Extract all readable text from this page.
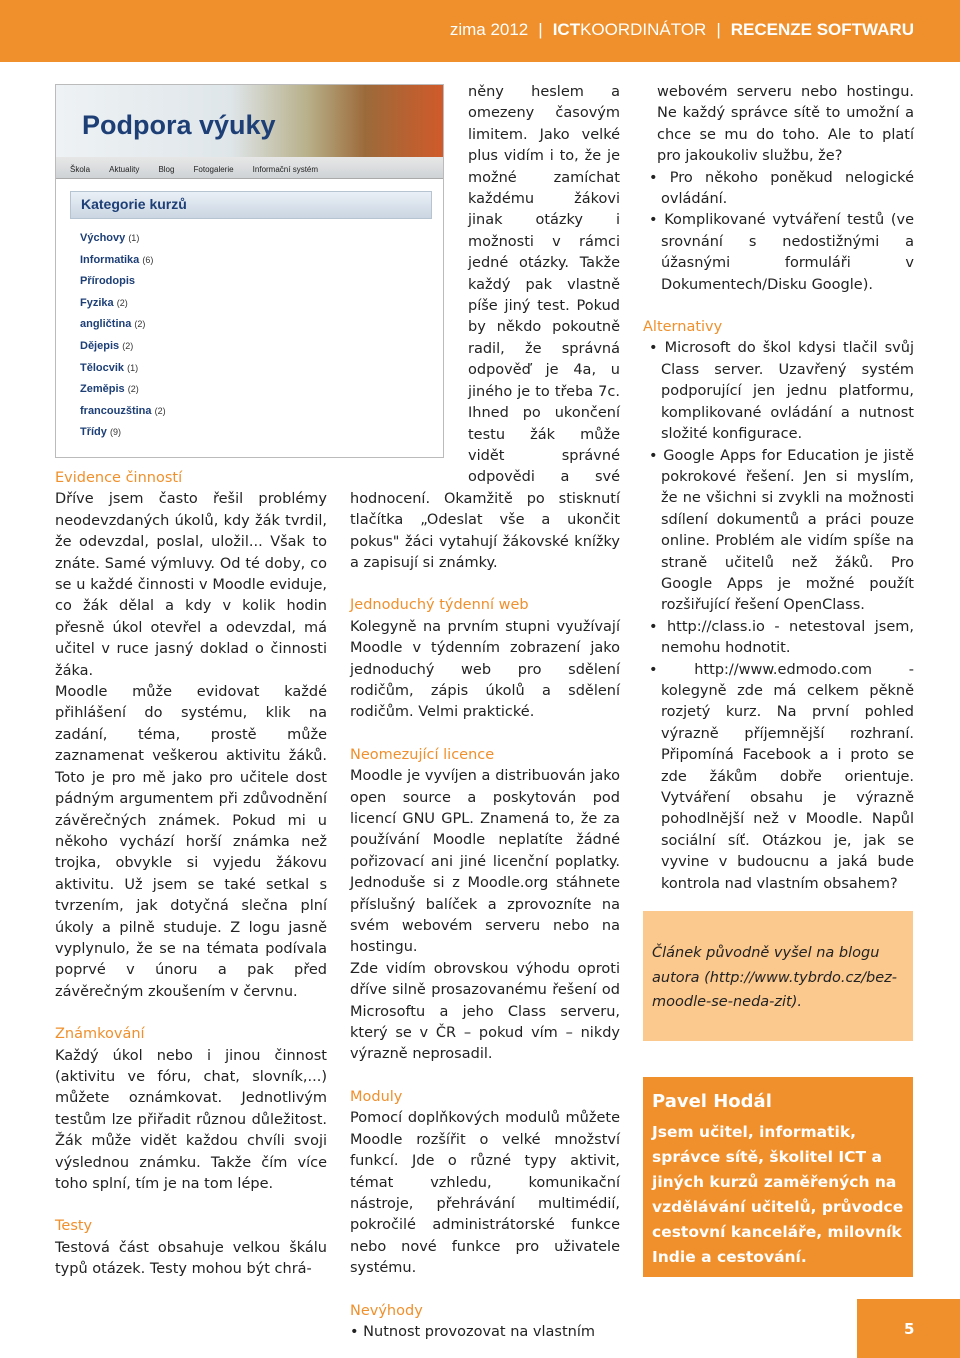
zima 2012 | ICTKOORDINÁTOR | RECENZE SOFTWARU
Podpora výuky
Škola Aktuality Blog Fotogalerie Informační systém
Kategorie kurzů
Výchovy (1)
Informatika (6)
Přírodopis
Fyzika (2)
angličtina (2)
Dějepis (2)
Tělocvik (1)
Zeměpis (2)
francouzština (2)
Třídy (9)
Evidence činností

Dříve jsem často řešil problémy neodevzdaných úkolů, kdy žák tvrdil, že odevzdal, poslal, uložil... Však to znáte. Samé výmluvy. Od té doby, co se u každé činnosti v Moodle eviduje, co žák dělal a kdy v kolik hodin přesně úkol otevřel a odevzdal, má učitel v ruce jasný doklad o činnosti žáka.

Moodle může evidovat každé přihlášení do systému, klik na zadání, téma, prostě může zaznamenat veškerou aktivitu žáků. Toto je pro mě jako pro učitele dost pádným argumentem při zdůvodnění závěrečných známek. Pokud mi u někoho vychází horší známka než trojka, obvykle si vyjedu žákovu aktivitu. Už jsem se také setkal s tvrzením, jak dotyčná slečna plní úkoly a pilně studuje. Z logu jasně vyplynulo, že se na témata podívala poprvé v únoru a pak před závěrečným zkoušením v červnu.

Známkování

Každý úkol nebo i jinou činnost (aktivitu ve fóru, chat, slovník,...) můžete oznámkovat. Jednotlivým testům lze přiřadit různou důležitost. Žák může vidět každou chvíli svoji výslednou známku. Takže čím více toho splní, tím je na tom lépe.

Testy

Testová část obsahuje velkou škálu typů otázek. Testy mohou být chrá-

něny heslem a omezeny časovým limitem. Jako velké plus vidím i to, že je možné zamíchat každému žákovi jinak otázky i možnosti v rámci jedné otázky. Takže každý pak vlastně píše jiný test. Pokud by někdo pokoutně radil, že správná odpověď je 4a, u jiného je to třeba 7c. Ihned po ukončení testu žák může vidět správné odpovědi a své hodnocení. Okamžitě po stisknutí tlačítka „Odeslat vše a ukončit pokus" žáci vytahují žákovské knížky a zapisují si známky.

Jednoduchý týdenní web

Kolegyně na prvním stupni využívají Moodle v týdenním zobrazení jako jednoduchý web pro sdělení rodičům, zápis úkolů a sdělení rodičům. Velmi praktické.

Neomezující licence

Moodle je vyvíjen a distribuován jako open source a poskytován pod licencí GNU GPL. Znamená to, že za používání Moodle neplatíte žádné pořizovací ani jiné licenční poplatky. Jednoduše si z Moodle.org stáhnete příslušný balíček a zprovozníte na svém webovém serveru nebo na hostingu.

Zde vidím obrovskou výhodu oproti dříve silně prosazovanému řešení od Microsoftu a jeho Class serveru, který se v ČR – pokud vím – nikdy výrazně neprosadil.

Moduly

Pomocí doplňkových modulů můžete Moodle rozšířit o velké množství funkcí. Jde o různé typy aktivit, témat vzhledu, komunikační nástroje, přehrávání multimédií, pokročilé administrátorské funkce nebo nové funkce pro uživatele systému.

Nevýhody

• Nutnost provozovat na vlastním

webovém serveru nebo hostingu. Ne každý správce sítě to umožní a chce se mu do toho. Ale to platí pro jakoukoliv službu, že?

• Pro někoho poněkud nelogické ovládání.

• Komplikované vytváření testů (ve srovnání s nedostižnými a úžasnými formuláři v Dokumentech/Disku Google).

Alternativy

• Microsoft do škol kdysi tlačil svůj Class server. Uzavřený systém podporující jen jednu platformu, komplikované ovládání a nutnost složité konfigurace.

• Google Apps for Education je jistě pokrokové řešení. Jen si myslím, že ne všichni si zvykli na možnosti sdílení dokumentů a práci pouze online. Problém ale vidím spíše na straně učitelů než žáků. Pro Google Apps je možné použít rozšiřující řešení OpenClass.

• http://class.io - netestoval jsem, nemohu hodnotit.

• http://www.edmodo.com - kolegyně zde má celkem pěkně rozjetý kurz. Na první pohled výrazně příjemnější rozhraní. Připomíná Facebook a i proto se zde žákům dobře orientuje. Vytváření obsahu je výrazně pohodlnější než v Moodle. Napůl sociální síť. Otázkou je, jak se vyvine v budoucnu a jaká bude kontrola nad vlastním obsahem?

Článek původně vyšel na blogu autora (http://www.tybrdo.cz/bez-moodle-se-neda-zit).

Pavel Hodál
Jsem učitel, informatik, správce sítě, školitel ICT a jiných kurzů zaměřených na vzdělávání učitelů, průvodce cestovní kanceláře, milovník Indie a cestování.
5
